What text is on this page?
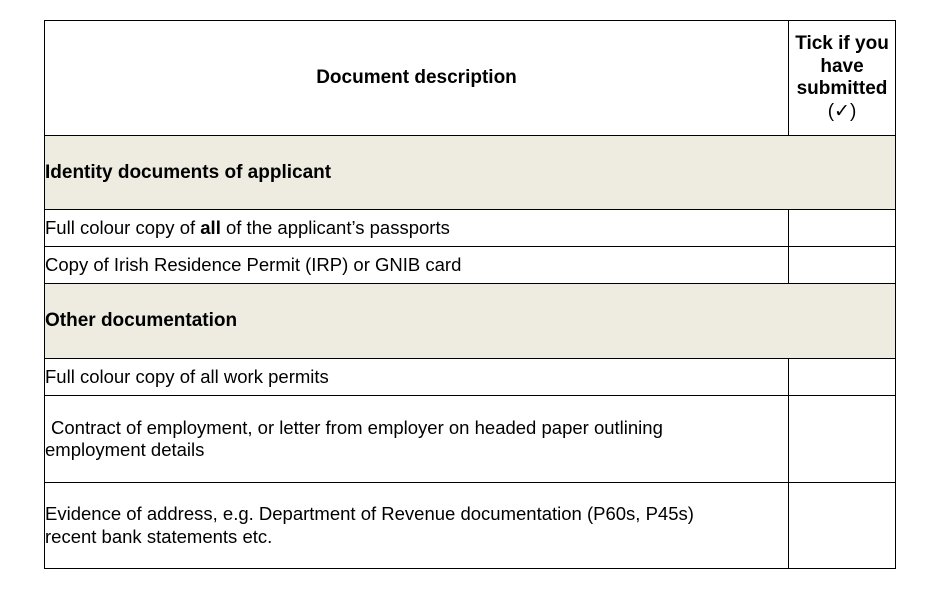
Document description	Tick if you
have
submitted
(✓)

Identity documents of applicant	
Full colour copy of all of the applicant’s passports	
Copy of Irish Residence Permit (IRP) or GNIB card	
Other documentation	
Full colour copy of all work permits	

Contract of employment, or letter from employer on headed paper outlining
employment details	

Evidence of address, e.g. Department of Revenue documentation (P60s, P45s)
recent bank statements etc.	
